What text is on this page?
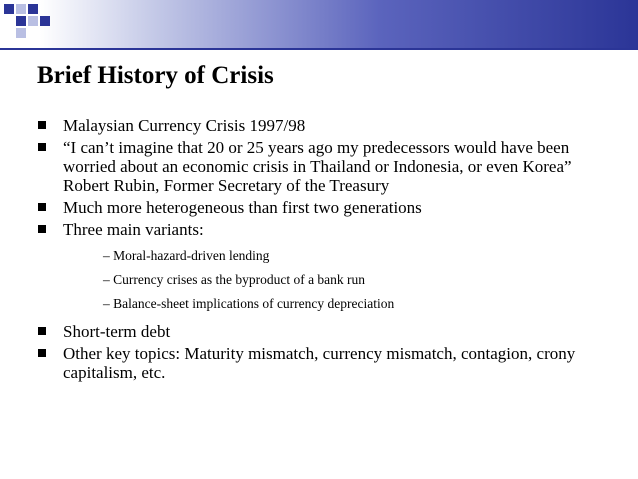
Brief History of Crisis
Malaysian Currency Crisis 1997/98
“I can’t imagine that 20 or 25 years ago my predecessors would have been worried about an economic crisis in Thailand or Indonesia, or even Korea” Robert Rubin, Former Secretary of the Treasury
Much more heterogeneous than first two generations
Three main variants:
– Moral-hazard-driven lending
– Currency crises as the byproduct of a bank run
– Balance-sheet implications of currency depreciation
Short-term debt
Other key topics: Maturity mismatch, currency mismatch, contagion, crony capitalism, etc.
